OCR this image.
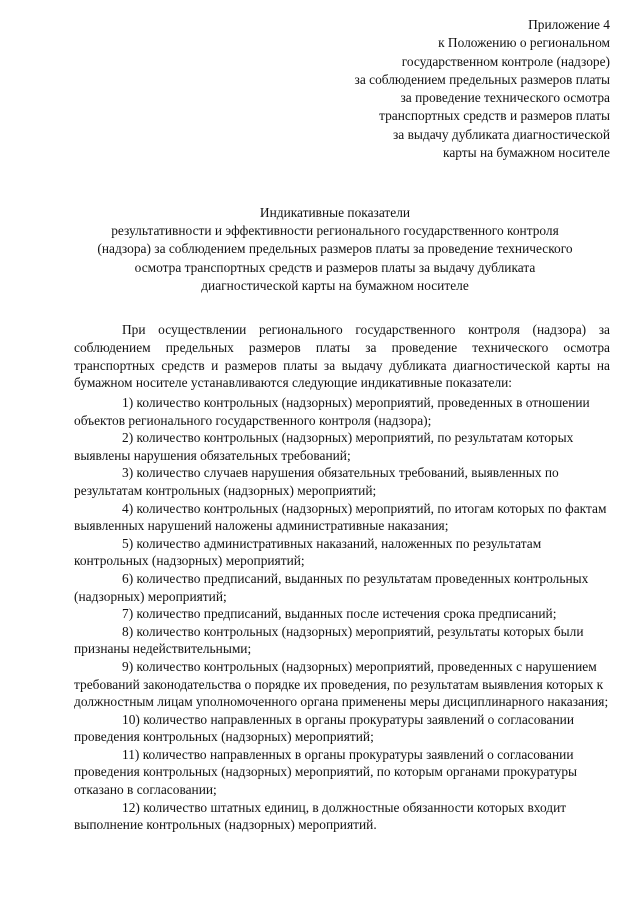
Приложение 4
к Положению о региональном
государственном контроле (надзоре)
за соблюдением предельных размеров платы
за проведение технического осмотра
транспортных средств и размеров платы
за выдачу дубликата диагностической
карты на бумажном носителе
Индикативные показатели
результативности и эффективности регионального государственного контроля
(надзора) за соблюдением предельных размеров платы за проведение технического
осмотра транспортных средств и размеров платы за выдачу дубликата
диагностической карты на бумажном носителе

При осуществлении регионального государственного контроля (надзора) за соблюдением предельных размеров платы за проведение технического осмотра транспортных средств и размеров платы за выдачу дубликата диагностической карты на бумажном носителе устанавливаются следующие индикативные показатели:

1) количество контрольных (надзорных) мероприятий, проведенных в отношении объектов регионального государственного контроля (надзора);

2) количество контрольных (надзорных) мероприятий, по результатам которых выявлены нарушения обязательных требований;

3) количество случаев нарушения обязательных требований, выявленных по результатам контрольных (надзорных) мероприятий;

4) количество контрольных (надзорных) мероприятий, по итогам которых по фактам выявленных нарушений наложены административные наказания;

5) количество административных наказаний, наложенных по результатам контрольных (надзорных) мероприятий;

6) количество предписаний, выданных по результатам проведенных контрольных (надзорных) мероприятий;

7) количество предписаний, выданных после истечения срока предписаний;

8) количество контрольных (надзорных) мероприятий, результаты которых были признаны недействительными;

9) количество контрольных (надзорных) мероприятий, проведенных с нарушением требований законодательства о порядке их проведения, по результатам выявления которых к должностным лицам уполномоченного органа применены меры дисциплинарного наказания;

10) количество направленных в органы прокуратуры заявлений о согласовании проведения контрольных (надзорных) мероприятий;

11) количество направленных в органы прокуратуры заявлений о согласовании проведения контрольных (надзорных) мероприятий, по которым органами прокуратуры отказано в согласовании;

12) количество штатных единиц, в должностные обязанности которых входит выполнение контрольных (надзорных) мероприятий.
